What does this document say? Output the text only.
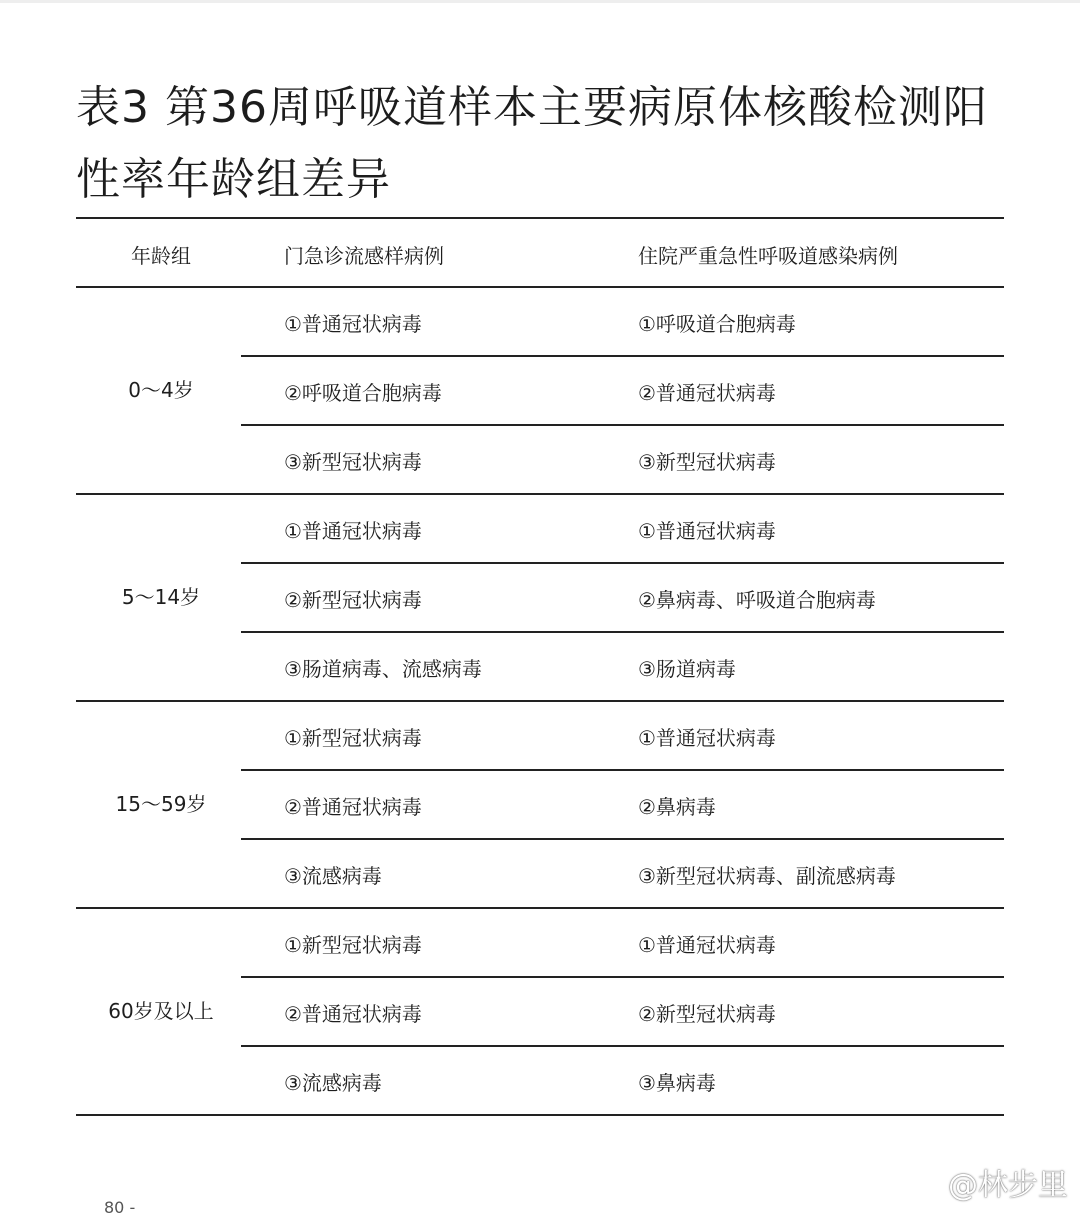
表3 第36周呼吸道样本主要病原体核酸检测阳
性率年龄组差异
年龄组	门急诊流感样病例	住院严重急性呼吸道感染病例
0～4岁
①普通冠状病毒	①呼吸道合胞病毒
②呼吸道合胞病毒	②普通冠状病毒
③新型冠状病毒	③新型冠状病毒
5～14岁
①普通冠状病毒	①普通冠状病毒
②新型冠状病毒	②鼻病毒、呼吸道合胞病毒
③肠道病毒、流感病毒	③肠道病毒
15～59岁
①新型冠状病毒	①普通冠状病毒
②普通冠状病毒	②鼻病毒
③流感病毒	③新型冠状病毒、副流感病毒
60岁及以上
①新型冠状病毒	①普通冠状病毒
②普通冠状病毒	②新型冠状病毒
③流感病毒	③鼻病毒
80 -
@林步里
